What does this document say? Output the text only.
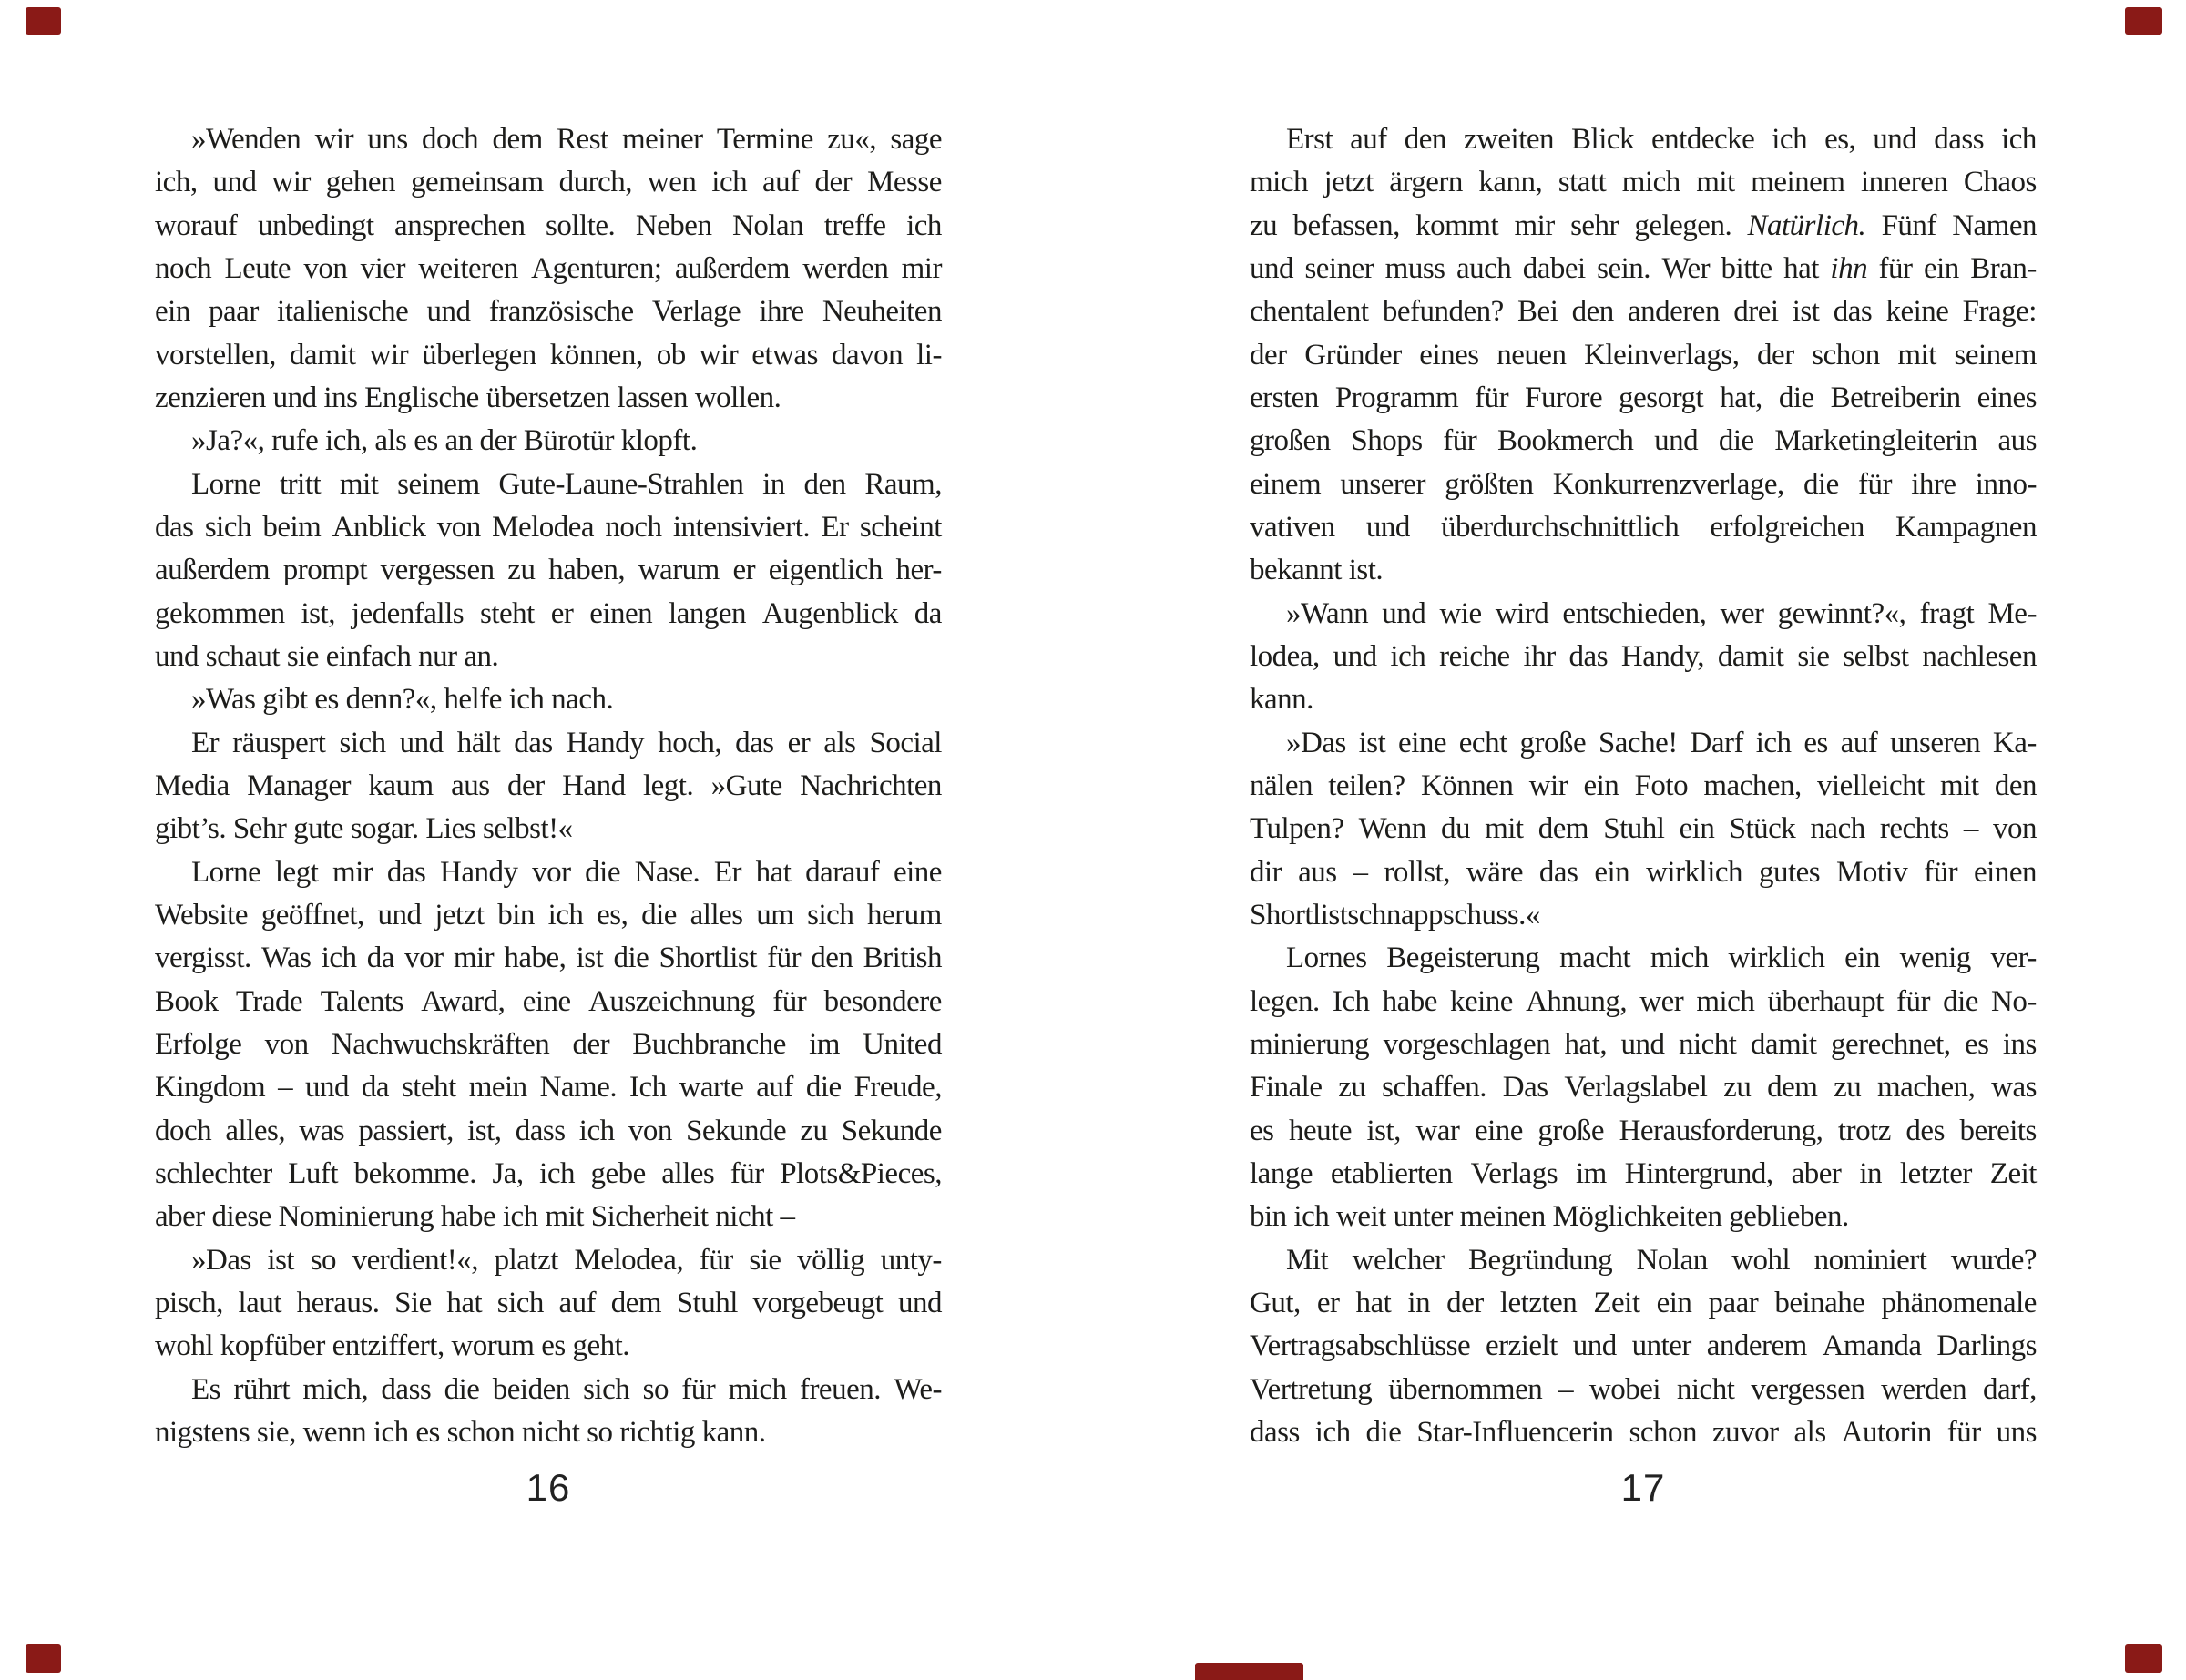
»Wenden wir uns doch dem Rest meiner Termine zu«, sage
ich, und wir gehen gemeinsam durch, wen ich auf der Messe
worauf unbedingt ansprechen sollte. Neben Nolan treffe ich
noch Leute von vier weiteren Agenturen; außerdem werden mir
ein paar italienische und französische Verlage ihre Neuheiten
vorstellen, damit wir überlegen können, ob wir etwas davon li-
zenzieren und ins Englische übersetzen lassen wollen.
»Ja?«, rufe ich, als es an der Bürotür klopft.
Lorne tritt mit seinem Gute-Laune-Strahlen in den Raum,
das sich beim Anblick von Melodea noch intensiviert. Er scheint
außerdem prompt vergessen zu haben, warum er eigentlich her-
gekommen ist, jedenfalls steht er einen langen Augenblick da
und schaut sie einfach nur an.
»Was gibt es denn?«, helfe ich nach.
Er räuspert sich und hält das Handy hoch, das er als Social
Media Manager kaum aus der Hand legt. »Gute Nachrichten
gibt’s. Sehr gute sogar. Lies selbst!«
Lorne legt mir das Handy vor die Nase. Er hat darauf eine
Website geöffnet, und jetzt bin ich es, die alles um sich herum
vergisst. Was ich da vor mir habe, ist die Shortlist für den British
Book Trade Talents Award, eine Auszeichnung für besondere
Erfolge von Nachwuchskräften der Buchbranche im United
Kingdom – und da steht mein Name. Ich warte auf die Freude,
doch alles, was passiert, ist, dass ich von Sekunde zu Sekunde
schlechter Luft bekomme. Ja, ich gebe alles für Plots&Pieces,
aber diese Nominierung habe ich mit Sicherheit nicht –
»Das ist so verdient!«, platzt Melodea, für sie völlig unty-
pisch, laut heraus. Sie hat sich auf dem Stuhl vorgebeugt und
wohl kopfüber entziffert, worum es geht.
Es rührt mich, dass die beiden sich so für mich freuen. We-
nigstens sie, wenn ich es schon nicht so richtig kann.
16
Erst auf den zweiten Blick entdecke ich es, und dass ich
mich jetzt ärgern kann, statt mich mit meinem inneren Chaos
zu befassen, kommt mir sehr gelegen. Natürlich. Fünf Namen
und seiner muss auch dabei sein. Wer bitte hat ihn für ein Bran-
chentalent befunden? Bei den anderen drei ist das keine Frage:
der Gründer eines neuen Kleinverlags, der schon mit seinem
ersten Programm für Furore gesorgt hat, die Betreiberin eines
großen Shops für Bookmerch und die Marketingleiterin aus
einem unserer größten Konkurrenzverlage, die für ihre inno-
vativen und überdurchschnittlich erfolgreichen Kampagnen
bekannt ist.
»Wann und wie wird entschieden, wer gewinnt?«, fragt Me-
lodea, und ich reiche ihr das Handy, damit sie selbst nachlesen
kann.
»Das ist eine echt große Sache! Darf ich es auf unseren Ka-
nälen teilen? Können wir ein Foto machen, vielleicht mit den
Tulpen? Wenn du mit dem Stuhl ein Stück nach rechts – von
dir aus – rollst, wäre das ein wirklich gutes Motiv für einen
Shortlistschnappschuss.«
Lornes Begeisterung macht mich wirklich ein wenig ver-
legen. Ich habe keine Ahnung, wer mich überhaupt für die No-
minierung vorgeschlagen hat, und nicht damit gerechnet, es ins
Finale zu schaffen. Das Verlagslabel zu dem zu machen, was
es heute ist, war eine große Herausforderung, trotz des bereits
lange etablierten Verlags im Hintergrund, aber in letzter Zeit
bin ich weit unter meinen Möglichkeiten geblieben.
Mit welcher Begründung Nolan wohl nominiert wurde?
Gut, er hat in der letzten Zeit ein paar beinahe phänomenale
Vertragsabschlüsse erzielt und unter anderem Amanda Darlings
Vertretung übernommen – wobei nicht vergessen werden darf,
dass ich die Star-Influencerin schon zuvor als Autorin für uns
17
